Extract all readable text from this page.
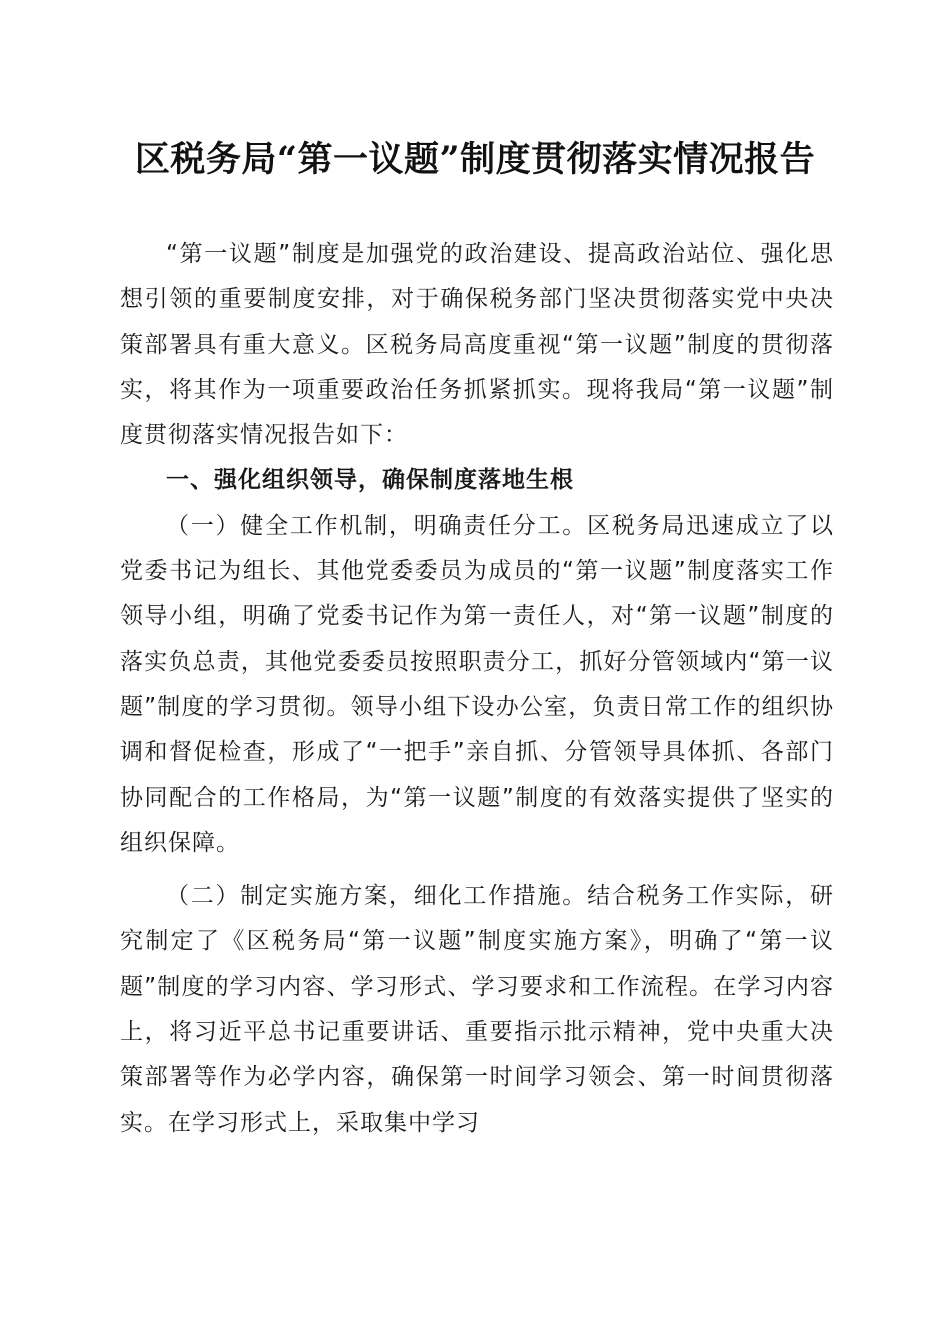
区税务局“第一议题”制度贯彻落实情况报告

“第一议题”制度是加强党的政治建设、提高政治站位、强化思想引领的重要制度安排，对于确保税务部门坚决贯彻落实党中央决策部署具有重大意义。区税务局高度重视“第一议题”制度的贯彻落实，将其作为一项重要政治任务抓紧抓实。现将我局“第一议题”制度贯彻落实情况报告如下：

一、强化组织领导，确保制度落地生根

（一）健全工作机制，明确责任分工。区税务局迅速成立了以党委书记为组长、其他党委委员为成员的“第一议题”制度落实工作领导小组，明确了党委书记作为第一责任人，对“第一议题”制度的落实负总责，其他党委委员按照职责分工，抓好分管领域内“第一议题”制度的学习贯彻。领导小组下设办公室，负责日常工作的组织协调和督促检查，形成了“一把手”亲自抓、分管领导具体抓、各部门协同配合的工作格局，为“第一议题”制度的有效落实提供了坚实的组织保障。

（二）制定实施方案，细化工作措施。结合税务工作实际，研究制定了《区税务局“第一议题”制度实施方案》，明确了“第一议题”制度的学习内容、学习形式、学习要求和工作流程。在学习内容上，将习近平总书记重要讲话、重要指示批示精神，党中央重大决策部署等作为必学内容，确保第一时间学习领会、第一时间贯彻落实。在学习形式上，采取集中学习
